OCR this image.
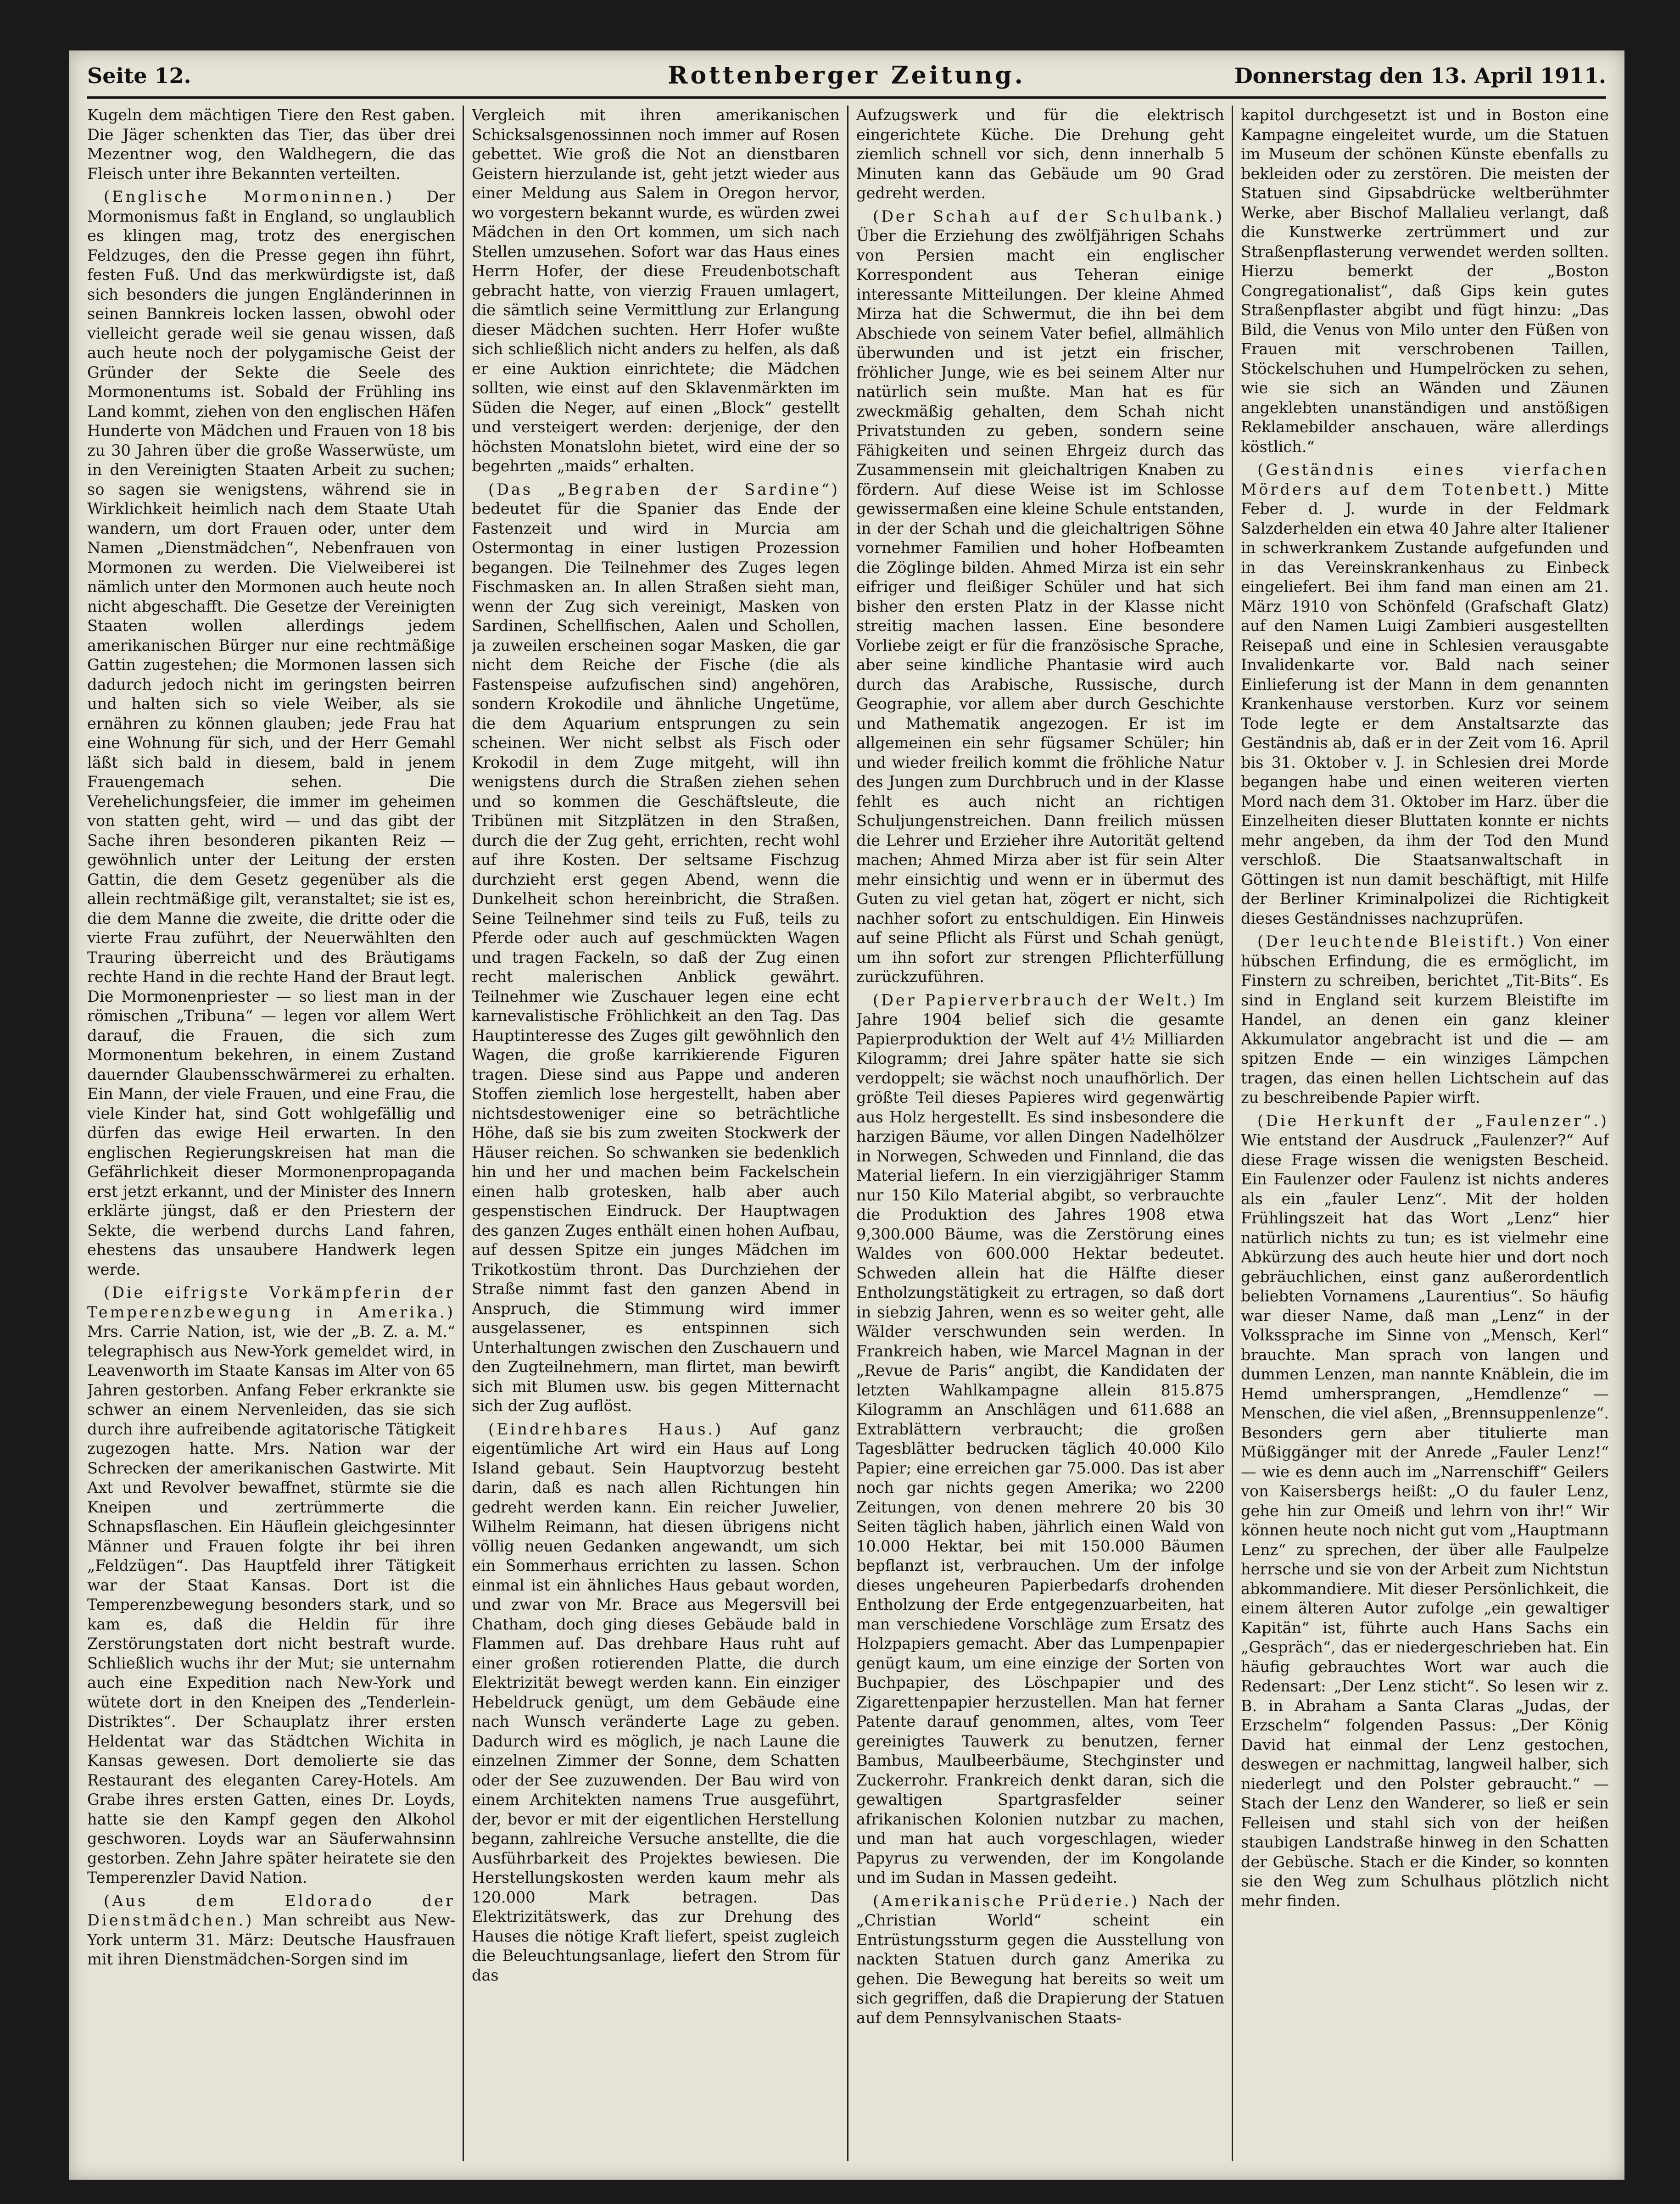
Seite 12.	Rottenberger Zeitung.	Donnerstag den 13. April 1911.

Kugeln dem mächtigen Tiere den Rest gaben. Die Jäger schenkten das Tier, das über drei Mezentner wog, den Waldhegern, die das Fleisch unter ihre Bekannten verteilten.

(Englische Mormoninnen.) Der Mormonismus faßt in England, so unglaublich es klingen mag, trotz des energischen Feldzuges, den die Presse gegen ihn führt, festen Fuß. Und das merkwürdigste ist, daß sich besonders die jungen Engländerinnen in seinen Bannkreis locken lassen, obwohl oder vielleicht gerade weil sie genau wissen, daß auch heute noch der polygamische Geist der Gründer der Sekte die Seele des Mormonentums ist. Sobald der Frühling ins Land kommt, ziehen von den englischen Häfen Hunderte von Mädchen und Frauen von 18 bis zu 30 Jahren über die große Wasserwüste, um in den Vereinigten Staaten Arbeit zu suchen; so sagen sie wenigstens, während sie in Wirklichkeit heimlich nach dem Staate Utah wandern, um dort Frauen oder, unter dem Namen „Dienstmädchen“, Nebenfrauen von Mormonen zu werden. Die Vielweiberei ist nämlich unter den Mormonen auch heute noch nicht abgeschafft. Die Gesetze der Vereinigten Staaten wollen allerdings jedem amerikanischen Bürger nur eine rechtmäßige Gattin zugestehen; die Mormonen lassen sich dadurch jedoch nicht im geringsten beirren und halten sich so viele Weiber, als sie ernähren zu können glauben; jede Frau hat eine Wohnung für sich, und der Herr Gemahl läßt sich bald in diesem, bald in jenem Frauengemach sehen. Die Verehelichungsfeier, die immer im geheimen von statten geht, wird — und das gibt der Sache ihren besonderen pikanten Reiz — gewöhnlich unter der Leitung der ersten Gattin, die dem Gesetz gegenüber als die allein rechtmäßige gilt, veranstaltet; sie ist es, die dem Manne die zweite, die dritte oder die vierte Frau zuführt, der Neuerwählten den Trauring überreicht und des Bräutigams rechte Hand in die rechte Hand der Braut legt. Die Mormonenpriester — so liest man in der römischen „Tribuna“ — legen vor allem Wert darauf, die Frauen, die sich zum Mormonentum bekehren, in einem Zustand dauernder Glaubensschwärmerei zu erhalten. Ein Mann, der viele Frauen, und eine Frau, die viele Kinder hat, sind Gott wohlgefällig und dürfen das ewige Heil erwarten. In den englischen Regierungskreisen hat man die Gefährlichkeit dieser Mormonenpropaganda erst jetzt erkannt, und der Minister des Innern erklärte jüngst, daß er den Priestern der Sekte, die werbend durchs Land fahren, ehestens das unsaubere Handwerk legen werde.

(Die eifrigste Vorkämpferin der Temperenzbewegung in Amerika.) Mrs. Carrie Nation, ist, wie der „B. Z. a. M.“ telegraphisch aus New-York gemeldet wird, in Leavenworth im Staate Kansas im Alter von 65 Jahren gestorben. Anfang Feber erkrankte sie schwer an einem Nervenleiden, das sie sich durch ihre aufreibende agitatorische Tätigkeit zugezogen hatte. Mrs. Nation war der Schrecken der amerikanischen Gastwirte. Mit Axt und Revolver bewaffnet, stürmte sie die Kneipen und zertrümmerte die Schnapsflaschen. Ein Häuflein gleichgesinnter Männer und Frauen folgte ihr bei ihren „Feldzügen“. Das Hauptfeld ihrer Tätigkeit war der Staat Kansas. Dort ist die Temperenzbewegung besonders stark, und so kam es, daß die Heldin für ihre Zerstörungstaten dort nicht bestraft wurde. Schließlich wuchs ihr der Mut; sie unternahm auch eine Expedition nach New-York und wütete dort in den Kneipen des „Tenderlein-Distriktes“. Der Schauplatz ihrer ersten Heldentat war das Städtchen Wichita in Kansas gewesen. Dort demolierte sie das Restaurant des eleganten Carey-Hotels. Am Grabe ihres ersten Gatten, eines Dr. Loyds, hatte sie den Kampf gegen den Alkohol geschworen. Loyds war an Säuferwahnsinn gestorben. Zehn Jahre später heiratete sie den Temperenzler David Nation.

(Aus dem Eldorado der Dienstmädchen.) Man schreibt aus New-York unterm 31. März: Deutsche Hausfrauen mit ihren Dienstmädchen-Sorgen sind im

Vergleich mit ihren amerikanischen Schicksalsgenossinnen noch immer auf Rosen gebettet. Wie groß die Not an dienstbaren Geistern hierzulande ist, geht jetzt wieder aus einer Meldung aus Salem in Oregon hervor, wo vorgestern bekannt wurde, es würden zwei Mädchen in den Ort kommen, um sich nach Stellen umzusehen. Sofort war das Haus eines Herrn Hofer, der diese Freudenbotschaft gebracht hatte, von vierzig Frauen umlagert, die sämtlich seine Vermittlung zur Erlangung dieser Mädchen suchten. Herr Hofer wußte sich schließlich nicht anders zu helfen, als daß er eine Auktion einrichtete; die Mädchen sollten, wie einst auf den Sklavenmärkten im Süden die Neger, auf einen „Block“ gestellt und versteigert werden: derjenige, der den höchsten Monatslohn bietet, wird eine der so begehrten „maids“ erhalten.

(Das „Begraben der Sardine“) bedeutet für die Spanier das Ende der Fastenzeit und wird in Murcia am Ostermontag in einer lustigen Prozession begangen. Die Teilnehmer des Zuges legen Fischmasken an. In allen Straßen sieht man, wenn der Zug sich vereinigt, Masken von Sardinen, Schellfischen, Aalen und Schollen, ja zuweilen erscheinen sogar Masken, die gar nicht dem Reiche der Fische (die als Fastenspeise aufzufischen sind) angehören, sondern Krokodile und ähnliche Ungetüme, die dem Aquarium entsprungen zu sein scheinen. Wer nicht selbst als Fisch oder Krokodil in dem Zuge mitgeht, will ihn wenigstens durch die Straßen ziehen sehen und so kommen die Geschäftsleute, die Tribünen mit Sitzplätzen in den Straßen, durch die der Zug geht, errichten, recht wohl auf ihre Kosten. Der seltsame Fischzug durchzieht erst gegen Abend, wenn die Dunkelheit schon hereinbricht, die Straßen. Seine Teilnehmer sind teils zu Fuß, teils zu Pferde oder auch auf geschmückten Wagen und tragen Fackeln, so daß der Zug einen recht malerischen Anblick gewährt. Teilnehmer wie Zuschauer legen eine echt karnevalistische Fröhlichkeit an den Tag. Das Hauptinteresse des Zuges gilt gewöhnlich den Wagen, die große karrikierende Figuren tragen. Diese sind aus Pappe und anderen Stoffen ziemlich lose hergestellt, haben aber nichtsdestoweniger eine so beträchtliche Höhe, daß sie bis zum zweiten Stockwerk der Häuser reichen. So schwanken sie bedenklich hin und her und machen beim Fackelschein einen halb grotesken, halb aber auch gespenstischen Eindruck. Der Hauptwagen des ganzen Zuges enthält einen hohen Aufbau, auf dessen Spitze ein junges Mädchen im Trikotkostüm thront. Das Durchziehen der Straße nimmt fast den ganzen Abend in Anspruch, die Stimmung wird immer ausgelassener, es entspinnen sich Unterhaltungen zwischen den Zuschauern und den Zugteilnehmern, man flirtet, man bewirft sich mit Blumen usw. bis gegen Mitternacht sich der Zug auflöst.

(Eindrehbares Haus.) Auf ganz eigentümliche Art wird ein Haus auf Long Island gebaut. Sein Hauptvorzug besteht darin, daß es nach allen Richtungen hin gedreht werden kann. Ein reicher Juwelier, Wilhelm Reimann, hat diesen übrigens nicht völlig neuen Gedanken angewandt, um sich ein Sommerhaus errichten zu lassen. Schon einmal ist ein ähnliches Haus gebaut worden, und zwar von Mr. Brace aus Megersvill bei Chatham, doch ging dieses Gebäude bald in Flammen auf. Das drehbare Haus ruht auf einer großen rotierenden Platte, die durch Elektrizität bewegt werden kann. Ein einziger Hebeldruck genügt, um dem Gebäude eine nach Wunsch veränderte Lage zu geben. Dadurch wird es möglich, je nach Laune die einzelnen Zimmer der Sonne, dem Schatten oder der See zuzuwenden. Der Bau wird von einem Architekten namens True ausgeführt, der, bevor er mit der eigentlichen Herstellung begann, zahlreiche Versuche anstellte, die die Ausführbarkeit des Projektes bewiesen. Die Herstellungskosten werden kaum mehr als 120.000 Mark betragen. Das Elektrizitätswerk, das zur Drehung des Hauses die nötige Kraft liefert, speist zugleich die Beleuchtungsanlage, liefert den Strom für das

Aufzugswerk und für die elektrisch eingerichtete Küche. Die Drehung geht ziemlich schnell vor sich, denn innerhalb 5 Minuten kann das Gebäude um 90 Grad gedreht werden.

(Der Schah auf der Schulbank.) Über die Erziehung des zwölfjährigen Schahs von Persien macht ein englischer Korrespondent aus Teheran einige interessante Mitteilungen. Der kleine Ahmed Mirza hat die Schwermut, die ihn bei dem Abschiede von seinem Vater befiel, allmählich überwunden und ist jetzt ein frischer, fröhlicher Junge, wie es bei seinem Alter nur natürlich sein mußte. Man hat es für zweckmäßig gehalten, dem Schah nicht Privatstunden zu geben, sondern seine Fähigkeiten und seinen Ehrgeiz durch das Zusammensein mit gleichaltrigen Knaben zu fördern. Auf diese Weise ist im Schlosse gewissermaßen eine kleine Schule entstanden, in der der Schah und die gleichaltrigen Söhne vornehmer Familien und hoher Hofbeamten die Zöglinge bilden. Ahmed Mirza ist ein sehr eifriger und fleißiger Schüler und hat sich bisher den ersten Platz in der Klasse nicht streitig machen lassen. Eine besondere Vorliebe zeigt er für die französische Sprache, aber seine kindliche Phantasie wird auch durch das Arabische, Russische, durch Geographie, vor allem aber durch Geschichte und Mathematik angezogen. Er ist im allgemeinen ein sehr fügsamer Schüler; hin und wieder freilich kommt die fröhliche Natur des Jungen zum Durchbruch und in der Klasse fehlt es auch nicht an richtigen Schuljungenstreichen. Dann freilich müssen die Lehrer und Erzieher ihre Autorität geltend machen; Ahmed Mirza aber ist für sein Alter mehr einsichtig und wenn er in übermut des Guten zu viel getan hat, zögert er nicht, sich nachher sofort zu entschuldigen. Ein Hinweis auf seine Pflicht als Fürst und Schah genügt, um ihn sofort zur strengen Pflichterfüllung zurückzuführen.

(Der Papierverbrauch der Welt.) Im Jahre 1904 belief sich die gesamte Papierproduktion der Welt auf 4½ Milliarden Kilogramm; drei Jahre später hatte sie sich verdoppelt; sie wächst noch unaufhörlich. Der größte Teil dieses Papieres wird gegenwärtig aus Holz hergestellt. Es sind insbesondere die harzigen Bäume, vor allen Dingen Nadelhölzer in Norwegen, Schweden und Finnland, die das Material liefern. In ein vierzigjähriger Stamm nur 150 Kilo Material abgibt, so verbrauchte die Produktion des Jahres 1908 etwa 9,300.000 Bäume, was die Zerstörung eines Waldes von 600.000 Hektar bedeutet. Schweden allein hat die Hälfte dieser Entholzungstätigkeit zu ertragen, so daß dort in siebzig Jahren, wenn es so weiter geht, alle Wälder verschwunden sein werden. In Frankreich haben, wie Marcel Magnan in der „Revue de Paris“ angibt, die Kandidaten der letzten Wahlkampagne allein 815.875 Kilogramm an Anschlägen und 611.688 an Extrablättern verbraucht; die großen Tagesblätter bedrucken täglich 40.000 Kilo Papier; eine erreichen gar 75.000. Das ist aber noch gar nichts gegen Amerika; wo 2200 Zeitungen, von denen mehrere 20 bis 30 Seiten täglich haben, jährlich einen Wald von 10.000 Hektar, bei mit 150.000 Bäumen bepflanzt ist, verbrauchen. Um der infolge dieses ungeheuren Papierbedarfs drohenden Entholzung der Erde entgegenzuarbeiten, hat man verschiedene Vorschläge zum Ersatz des Holzpapiers gemacht. Aber das Lumpenpapier genügt kaum, um eine einzige der Sorten von Buchpapier, des Löschpapier und des Zigarettenpapier herzustellen. Man hat ferner Patente darauf genommen, altes, vom Teer gereinigtes Tauwerk zu benutzen, ferner Bambus, Maulbeerbäume, Stechginster und Zuckerrohr. Frankreich denkt daran, sich die gewaltigen Spartgrasfelder seiner afrikanischen Kolonien nutzbar zu machen, und man hat auch vorgeschlagen, wieder Papyrus zu verwenden, der im Kongolande und im Sudan in Massen gedeiht.

(Amerikanische Prüderie.) Nach der „Christian World“ scheint ein Entrüstungssturm gegen die Ausstellung von nackten Statuen durch ganz Amerika zu gehen. Die Bewegung hat bereits so weit um sich gegriffen, daß die Drapierung der Statuen auf dem Pennsylvanischen Staats-

kapitol durchgesetzt ist und in Boston eine Kampagne eingeleitet wurde, um die Statuen im Museum der schönen Künste ebenfalls zu bekleiden oder zu zerstören. Die meisten der Statuen sind Gipsabdrücke weltberühmter Werke, aber Bischof Mallalieu verlangt, daß die Kunstwerke zertrümmert und zur Straßenpflasterung verwendet werden sollten. Hierzu bemerkt der „Boston Congregationalist“, daß Gips kein gutes Straßenpflaster abgibt und fügt hinzu: „Das Bild, die Venus von Milo unter den Füßen von Frauen mit verschrobenen Taillen, Stöckelschuhen und Humpelröcken zu sehen, wie sie sich an Wänden und Zäunen angeklebten unanständigen und anstößigen Reklamebilder anschauen, wäre allerdings köstlich.“

(Geständnis eines vierfachen Mörders auf dem Totenbett.) Mitte Feber d. J. wurde in der Feldmark Salzderhelden ein etwa 40 Jahre alter Italiener in schwerkrankem Zustande aufgefunden und in das Vereinskrankenhaus zu Einbeck eingeliefert. Bei ihm fand man einen am 21. März 1910 von Schönfeld (Grafschaft Glatz) auf den Namen Luigi Zambieri ausgestellten Reisepaß und eine in Schlesien verausgabte Invalidenkarte vor. Bald nach seiner Einlieferung ist der Mann in dem genannten Krankenhause verstorben. Kurz vor seinem Tode legte er dem Anstaltsarzte das Geständnis ab, daß er in der Zeit vom 16. April bis 31. Oktober v. J. in Schlesien drei Morde begangen habe und einen weiteren vierten Mord nach dem 31. Oktober im Harz. über die Einzelheiten dieser Bluttaten konnte er nichts mehr angeben, da ihm der Tod den Mund verschloß. Die Staatsanwaltschaft in Göttingen ist nun damit beschäftigt, mit Hilfe der Berliner Kriminalpolizei die Richtigkeit dieses Geständnisses nachzuprüfen.

(Der leuchtende Bleistift.) Von einer hübschen Erfindung, die es ermöglicht, im Finstern zu schreiben, berichtet „Tit-Bits“. Es sind in England seit kurzem Bleistifte im Handel, an denen ein ganz kleiner Akkumulator angebracht ist und die — am spitzen Ende — ein winziges Lämpchen tragen, das einen hellen Lichtschein auf das zu beschreibende Papier wirft.

(Die Herkunft der „Faulenzer“.) Wie entstand der Ausdruck „Faulenzer?“ Auf diese Frage wissen die wenigsten Bescheid. Ein Faulenzer oder Faulenz ist nichts anderes als ein „fauler Lenz“. Mit der holden Frühlingszeit hat das Wort „Lenz“ hier natürlich nichts zu tun; es ist vielmehr eine Abkürzung des auch heute hier und dort noch gebräuchlichen, einst ganz außerordentlich beliebten Vornamens „Laurentius“. So häufig war dieser Name, daß man „Lenz“ in der Volkssprache im Sinne von „Mensch, Kerl“ brauchte. Man sprach von langen und dummen Lenzen, man nannte Knäblein, die im Hemd umhersprangen, „Hemdlenze“ — Menschen, die viel aßen, „Brennsuppenlenze“. Besonders gern aber titulierte man Müßiggänger mit der Anrede „Fauler Lenz!“ — wie es denn auch im „Narrenschiff“ Geilers von Kaisersbergs heißt: „O du fauler Lenz, gehe hin zur Omeiß und lehrn von ihr!“ Wir können heute noch nicht gut vom „Hauptmann Lenz“ zu sprechen, der über alle Faulpelze herrsche und sie von der Arbeit zum Nichtstun abkommandiere. Mit dieser Persönlichkeit, die einem älteren Autor zufolge „ein gewaltiger Kapitän“ ist, führte auch Hans Sachs ein „Gespräch“, das er niedergeschrieben hat. Ein häufig gebrauchtes Wort war auch die Redensart: „Der Lenz sticht“. So lesen wir z. B. in Abraham a Santa Claras „Judas, der Erzschelm“ folgenden Passus: „Der König David hat einmal der Lenz gestochen, deswegen er nachmittag, langweil halber, sich niederlegt und den Polster gebraucht.“ — Stach der Lenz den Wanderer, so ließ er sein Felleisen und stahl sich von der heißen staubigen Landstraße hinweg in den Schatten der Gebüsche. Stach er die Kinder, so konnten sie den Weg zum Schulhaus plötzlich nicht mehr finden.
